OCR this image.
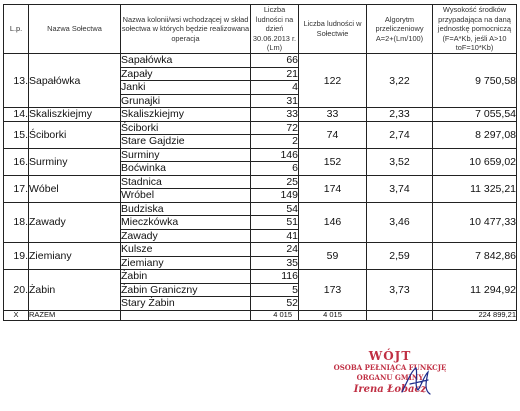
L.p.	Nazwa Sołectwa	Nazwa kolonii/wsi wchodzącej w skład sołectwa w których będzie realizowana operacja	Liczba ludności na dzień 30.06.2013 r. (Lm)	Liczba ludności w Sołectwie	Algorytm przeliczeniowy A=2+(Lm/100)	Wysokość środków przypadająca na daną jednostkę pomocniczą (F=A*Kb, jeśli A>10 toF=10*Kb)
13.	Sapałówka	Sapałówka	66	122	3,22	9 750,58
		Zapały	21			
		Janki	4			
		Grunajki	31			
14.	Skaliszkiejmy	Skaliszkiejmy	33	33	2,33	7 055,54
15.	Ściborki	Ściborki	72	74	2,74	8 297,08
		Stare Gajdzie	2			
16.	Surminy	Surminy	146	152	3,52	10 659,02
		Boćwinka	6			
17.	Wóbel	Stadnica	25	174	3,74	11 325,21
		Wróbel	149			
18.	Zawady	Budziska	54	146	3,46	10 477,33
		Mieczkówka	51			
		Zawady	41			
19.	Ziemiany	Kulsze	24	59	2,59	7 842,86
		Ziemiany	35			
20.	Żabin	Żabin	116	173	3,73	11 294,92
		Żabin Graniczny	5			
		Stary Żabin	52			
X	RAZEM		4 015	4 015		224 899,21
WÓJT
OSOBA PEŁNIĄCA FUNKCJĘ
ORGANU GMINY
Irena Łobacz
